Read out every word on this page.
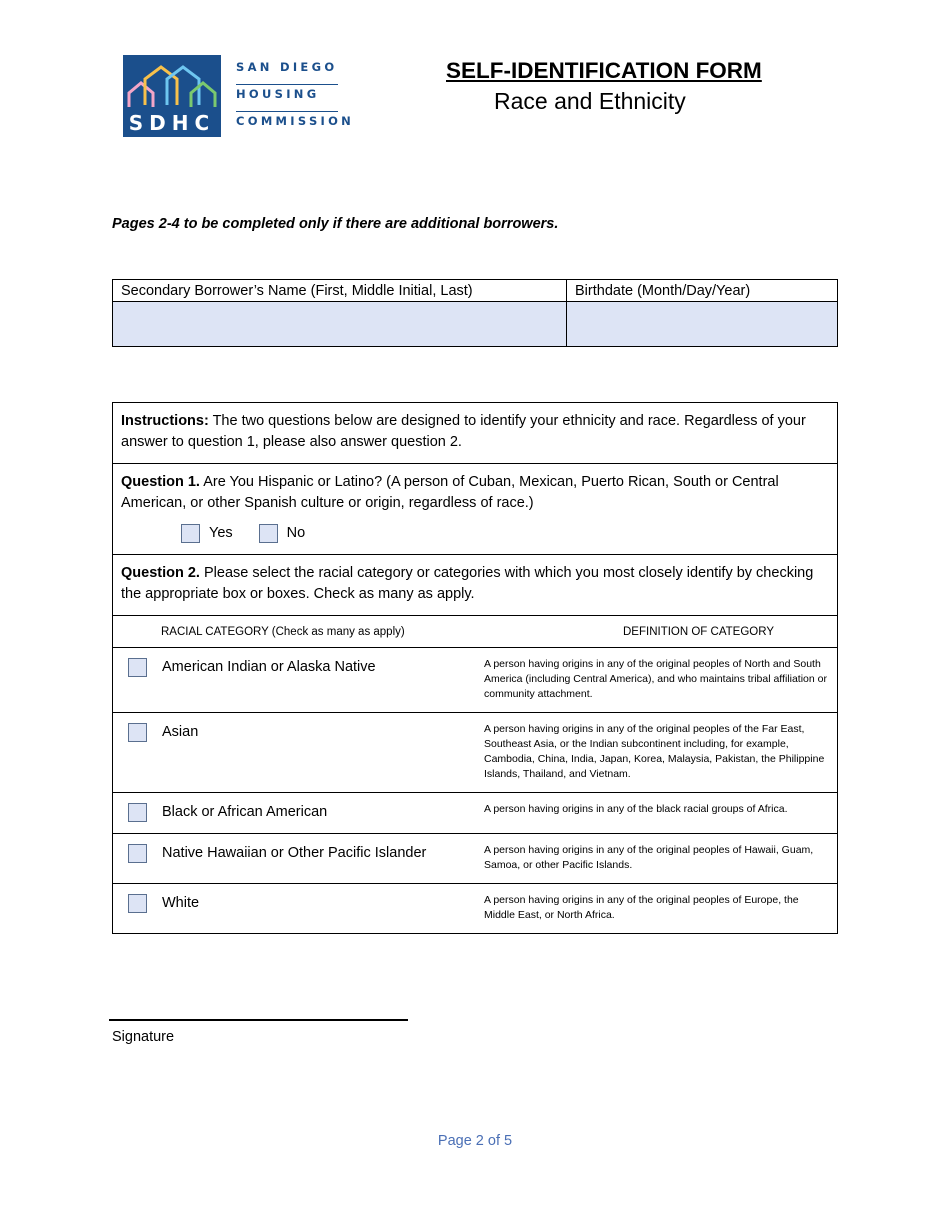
SDHC
SAN DIEGO
HOUSING
COMMISSION
SELF-IDENTIFICATION FORM
Race and Ethnicity
Pages 2-4 to be completed only if there are additional borrowers.
Secondary Borrower’s Name (First, Middle Initial, Last)	Birthdate (Month/Day/Year)

Instructions: The two questions below are designed to identify your ethnicity and race. Regardless of your answer to question 1, please also answer question 2.
Question 1. Are You Hispanic or Latino? (A person of Cuban, Mexican, Puerto Rican, South or Central American, or other Spanish culture or origin, regardless of race.)
Yes	No
Question 2. Please select the racial category or categories with which you most closely identify by checking the appropriate box or boxes. Check as many as apply.
RACIAL CATEGORY (Check as many as apply)	DEFINITION OF CATEGORY
American Indian or Alaska Native	A person having origins in any of the original peoples of North and South America (including Central America), and who maintains tribal affiliation or community attachment.
Asian	A person having origins in any of the original peoples of the Far East, Southeast Asia, or the Indian subcontinent including, for example, Cambodia, China, India, Japan, Korea, Malaysia, Pakistan, the Philippine Islands, Thailand, and Vietnam.
Black or African American	A person having origins in any of the black racial groups of Africa.
Native Hawaiian or Other Pacific Islander	A person having origins in any of the original peoples of Hawaii, Guam, Samoa, or other Pacific Islands.
White	A person having origins in any of the original peoples of Europe, the Middle East, or North Africa.
Signature
Page 2 of 5
